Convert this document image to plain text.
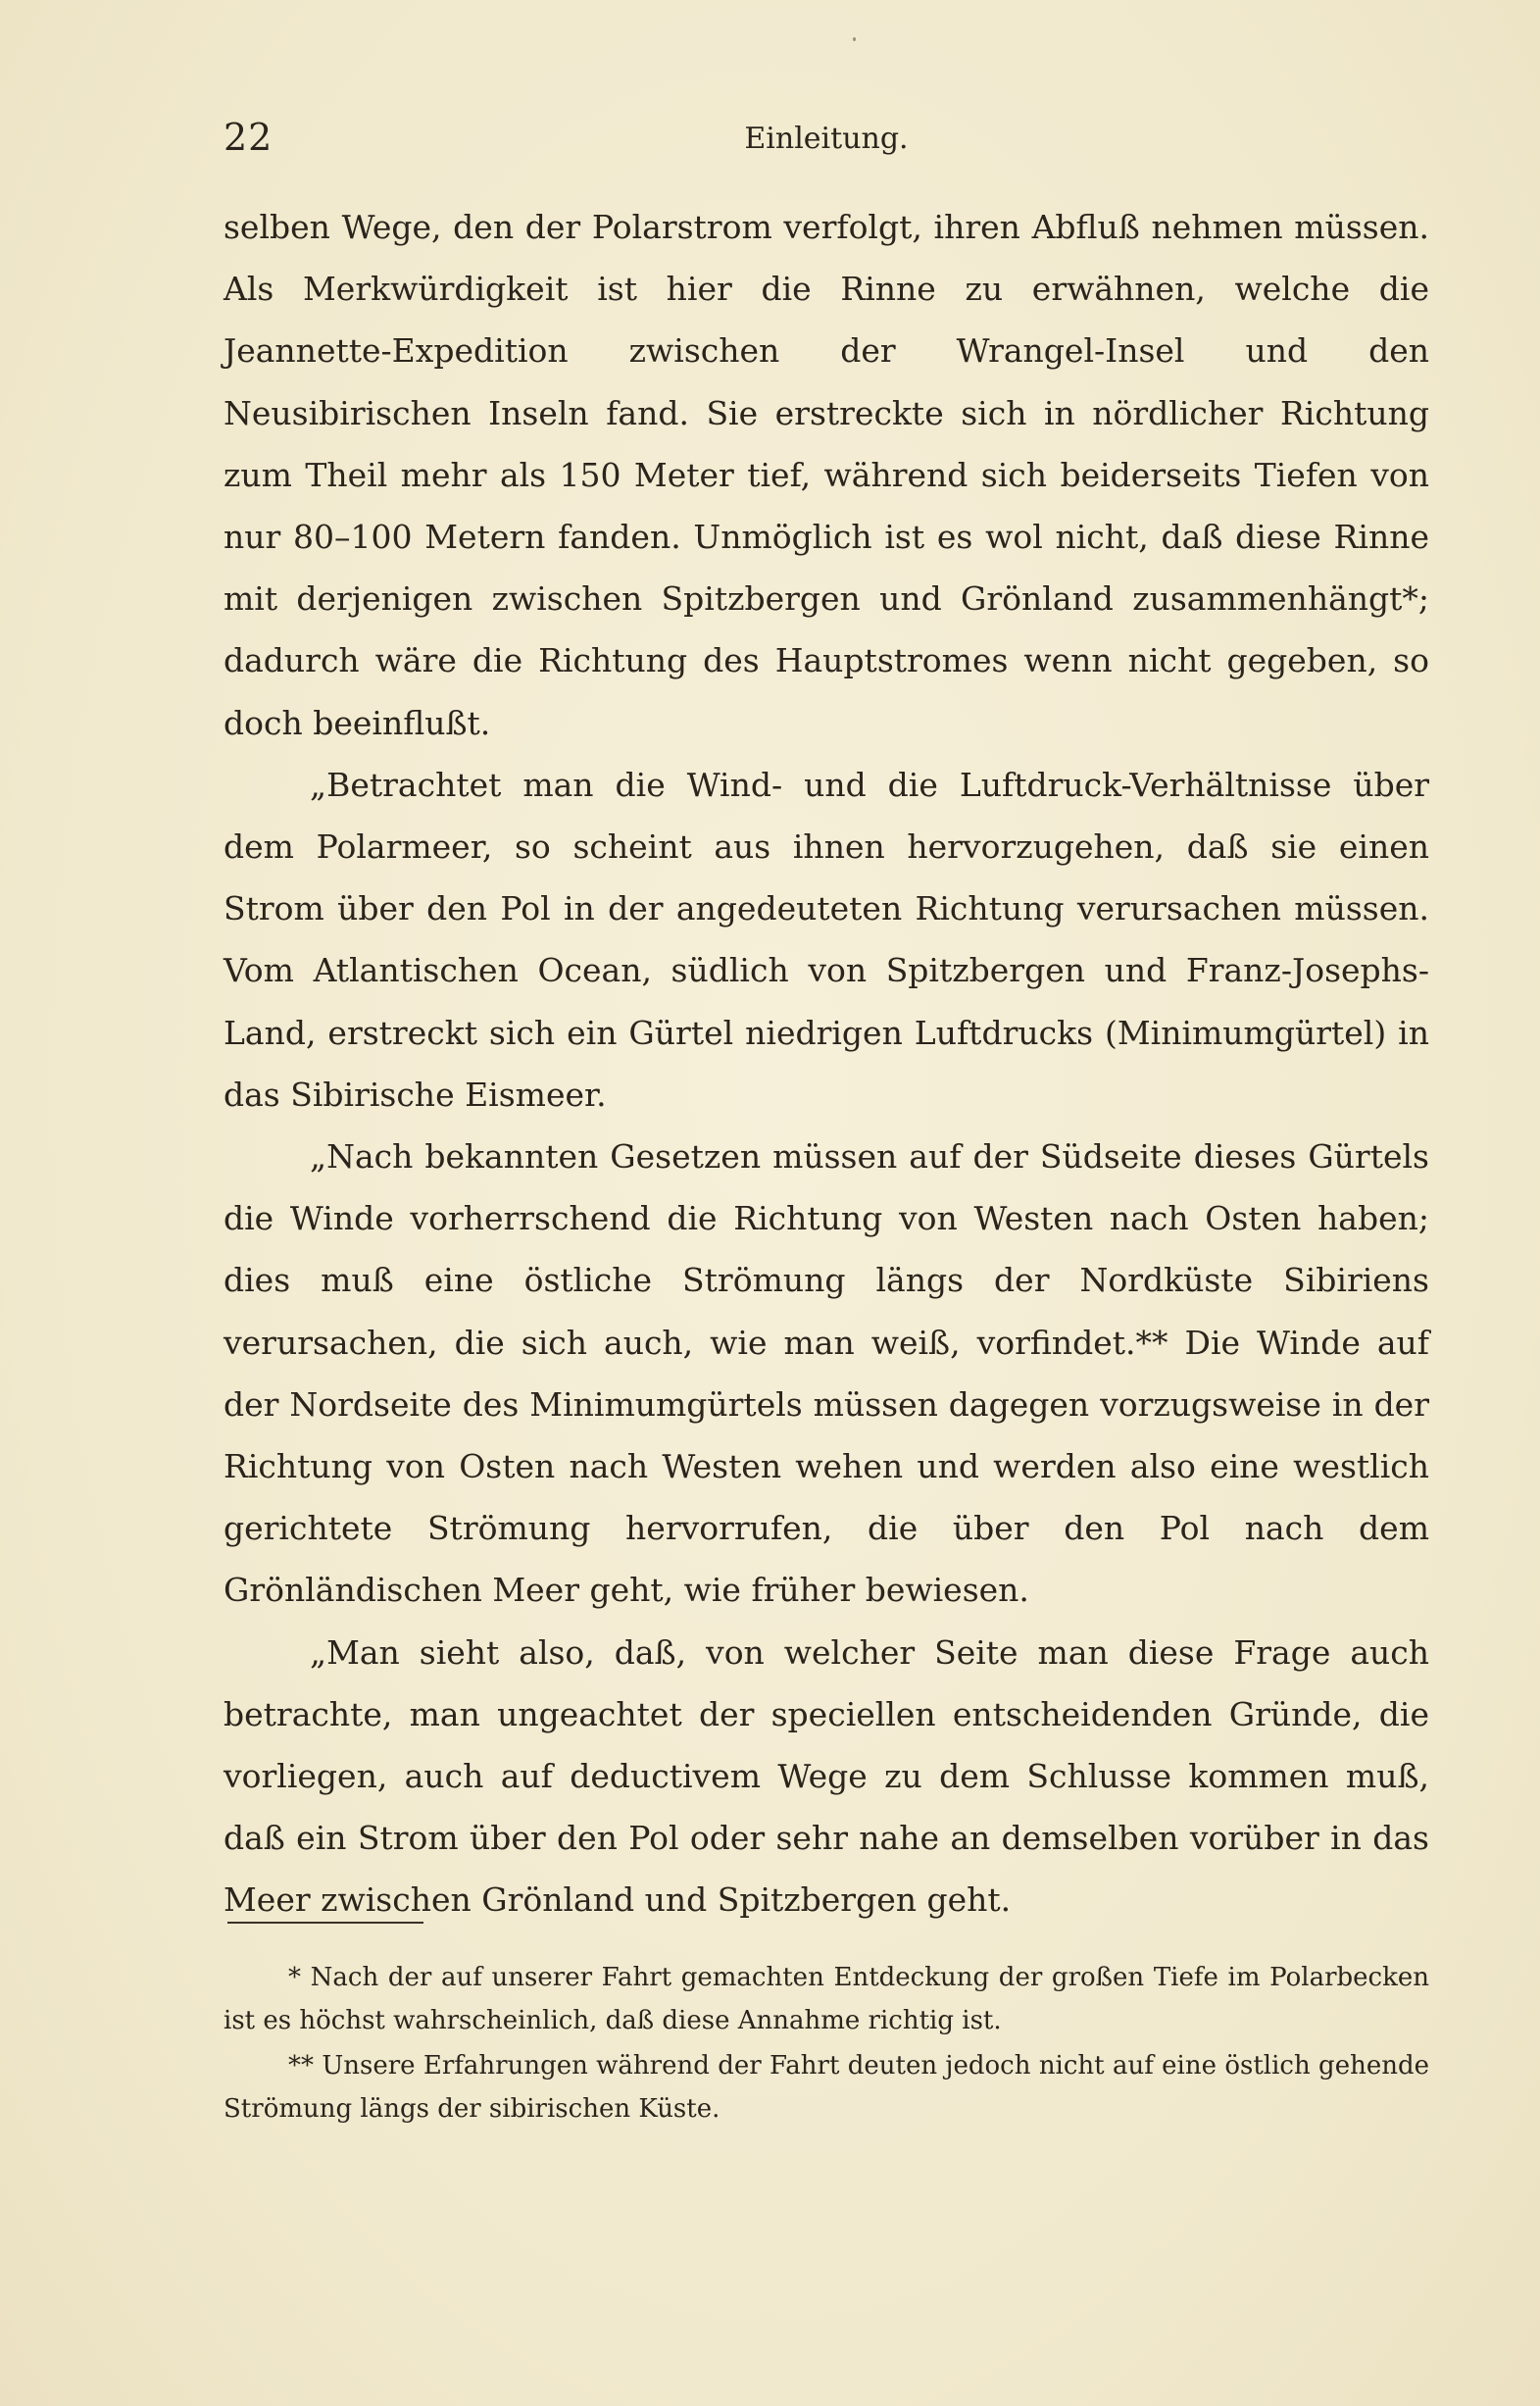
22	Einleitung.

selben Wege, den der Polarstrom verfolgt, ihren Abfluß nehmen müssen. Als Merkwürdigkeit ist hier die Rinne zu erwähnen, welche die Jeannette-Expedition zwischen der Wrangel-Insel und den Neusibirischen Inseln fand. Sie erstreckte sich in nördlicher Richtung zum Theil mehr als 150 Meter tief, während sich beiderseits Tiefen von nur 80–100 Metern fanden. Unmöglich ist es wol nicht, daß diese Rinne mit derjenigen zwischen Spitzbergen und Grönland zusammenhängt*; dadurch wäre die Richtung des Hauptstromes wenn nicht gegeben, so doch beeinflußt.

„Betrachtet man die Wind- und die Luftdruck-Verhältnisse über dem Polarmeer, so scheint aus ihnen hervorzugehen, daß sie einen Strom über den Pol in der angedeuteten Richtung verursachen müssen. Vom Atlantischen Ocean, südlich von Spitzbergen und Franz-Josephs-Land, erstreckt sich ein Gürtel niedrigen Luftdrucks (Minimumgürtel) in das Sibirische Eismeer.

„Nach bekannten Gesetzen müssen auf der Südseite dieses Gürtels die Winde vorherrschend die Richtung von Westen nach Osten haben; dies muß eine östliche Strömung längs der Nordküste Sibiriens verursachen, die sich auch, wie man weiß, vorfindet.** Die Winde auf der Nordseite des Minimumgürtels müssen dagegen vorzugsweise in der Richtung von Osten nach Westen wehen und werden also eine westlich gerichtete Strömung hervorrufen, die über den Pol nach dem Grönländischen Meer geht, wie früher bewiesen.

„Man sieht also, daß, von welcher Seite man diese Frage auch betrachte, man ungeachtet der speciellen entscheidenden Gründe, die vorliegen, auch auf deductivem Wege zu dem Schlusse kommen muß, daß ein Strom über den Pol oder sehr nahe an demselben vorüber in das Meer zwischen Grönland und Spitzbergen geht.

* Nach der auf unserer Fahrt gemachten Entdeckung der großen Tiefe im Polarbecken ist es höchst wahrscheinlich, daß diese Annahme richtig ist.

** Unsere Erfahrungen während der Fahrt deuten jedoch nicht auf eine östlich gehende Strömung längs der sibirischen Küste.
